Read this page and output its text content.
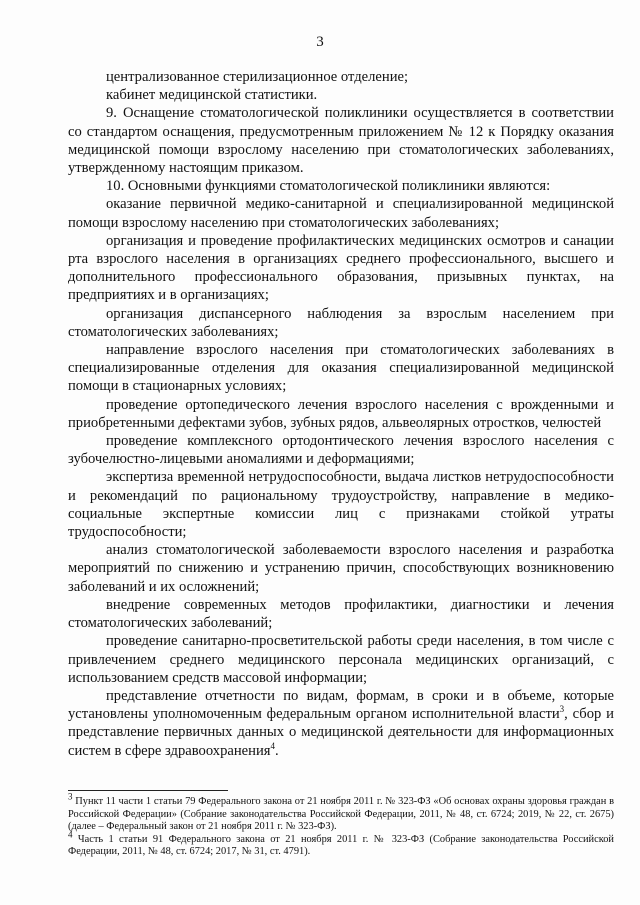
3

централизованное стерилизационное отделение;

кабинет медицинской статистики.

9. Оснащение стоматологической поликлиники осуществляется в соответствии со стандартом оснащения, предусмотренным приложением № 12 к Порядку оказания медицинской помощи взрослому населению при стоматологических заболеваниях, утвержденному настоящим приказом.

10. Основными функциями стоматологической поликлиники являются:

оказание первичной медико-санитарной и специализированной медицинской помощи взрослому населению при стоматологических заболеваниях;

организация и проведение профилактических медицинских осмотров и санации рта взрослого населения в организациях среднего профессионального, высшего и дополнительного профессионального образования, призывных пунктах, на предприятиях и в организациях;

организация диспансерного наблюдения за взрослым населением при стоматологических заболеваниях;

направление взрослого населения при стоматологических заболеваниях в специализированные отделения для оказания специализированной медицинской помощи в стационарных условиях;

проведение ортопедического лечения взрослого населения с врожденными и приобретенными дефектами зубов, зубных рядов, альвеолярных отростков, челюстей

проведение комплексного ортодонтического лечения взрослого населения с зубочелюстно-лицевыми аномалиями и деформациями;

экспертиза временной нетрудоспособности, выдача листков нетрудоспособности и рекомендаций по рациональному трудоустройству, направление в медико-социальные экспертные комиссии лиц с признаками стойкой утраты трудоспособности;

анализ стоматологической заболеваемости взрослого населения и разработка мероприятий по снижению и устранению причин, способствующих возникновению заболеваний и их осложнений;

внедрение современных методов профилактики, диагностики и лечения стоматологических заболеваний;

проведение санитарно-просветительской работы среди населения, в том числе с привлечением среднего медицинского персонала медицинских организаций, с использованием средств массовой информации;

представление отчетности по видам, формам, в сроки и в объеме, которые установлены уполномоченным федеральным органом исполнительной власти$^3$, сбор и представление первичных данных о медицинской деятельности для информационных систем в сфере здравоохранения$^4$.

$^3$ Пункт 11 части 1 статьи 79 Федерального закона от 21 ноября 2011 г. № 323-ФЗ «Об основах охраны здоровья граждан в Российской Федерации» (Собрание законодательства Российской Федерации, 2011, № 48, ст. 6724; 2019, № 22, ст. 2675) (далее – Федеральный закон от 21 ноября 2011 г. № 323-ФЗ).

$^4$ Часть 1 статьи 91 Федерального закона от 21 ноября 2011 г. № 323-ФЗ (Собрание законодательства Российской Федерации, 2011, № 48, ст. 6724; 2017, № 31, ст. 4791).
